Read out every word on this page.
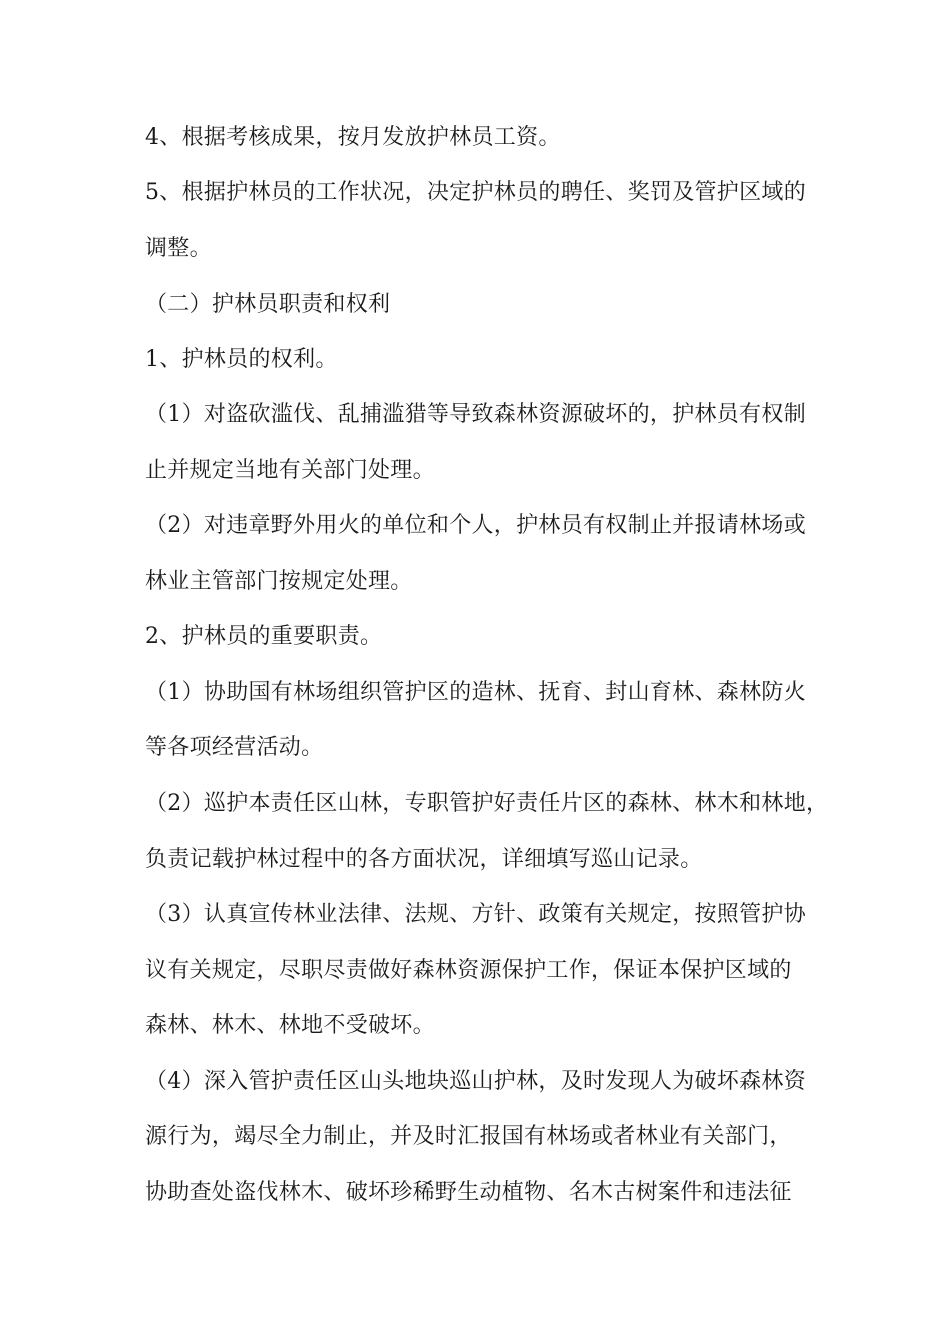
4、根据考核成果，按月发放护林员工资。
5、根据护林员的工作状况，决定护林员的聘任、奖罚及管护区域的
调整。
（二）护林员职责和权利
1、护林员的权利。
（1）对盗砍滥伐、乱捕滥猎等导致森林资源破坏的，护林员有权制
止并规定当地有关部门处理。
（2）对违章野外用火的单位和个人，护林员有权制止并报请林场或
林业主管部门按规定处理。
2、护林员的重要职责。
（1）协助国有林场组织管护区的造林、抚育、封山育林、森林防火
等各项经营活动。
（2）巡护本责任区山林，专职管护好责任片区的森林、林木和林地，
负责记载护林过程中的各方面状况，详细填写巡山记录。
（3）认真宣传林业法律、法规、方针、政策有关规定，按照管护协
议有关规定，尽职尽责做好森林资源保护工作，保证本保护区域的
森林、林木、林地不受破坏。
（4）深入管护责任区山头地块巡山护林，及时发现人为破坏森林资
源行为，竭尽全力制止，并及时汇报国有林场或者林业有关部门，
协助查处盗伐林木、破坏珍稀野生动植物、名木古树案件和违法征
